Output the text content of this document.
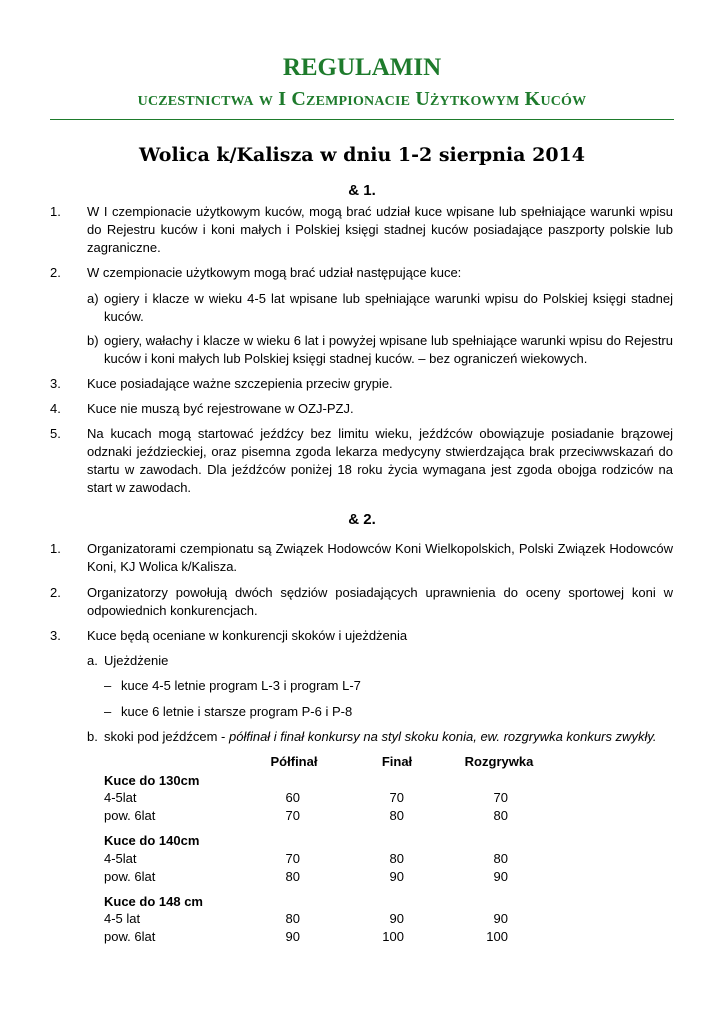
REGULAMIN
uczestnictwa w I Czempionacie Użytkowym Kuców
Wolica k/Kalisza w dniu 1-2 sierpnia 2014
& 1.
1. W I czempionacie użytkowym kuców, mogą brać udział kuce wpisane lub spełniające warunki wpisu do Rejestru kuców i koni małych i Polskiej księgi stadnej kuców posiadające paszporty polskie lub zagraniczne.
2. W czempionacie użytkowym mogą brać udział następujące kuce:
a) ogiery i klacze w wieku 4-5 lat wpisane lub spełniające warunki wpisu do Polskiej księgi stadnej kuców.
b) ogiery, wałachy i klacze w wieku 6 lat i powyżej wpisane lub spełniające warunki wpisu do Rejestru kuców i koni małych lub Polskiej księgi stadnej kuców. – bez ograniczeń wiekowych.
3. Kuce posiadające ważne szczepienia przeciw grypie.
4. Kuce nie muszą być rejestrowane w OZJ-PZJ.
5. Na kucach mogą startować jeźdźcy bez limitu wieku, jeźdźców obowiązuje posiadanie brązowej odznaki jeździeckiej, oraz pisemna zgoda lekarza medycyny stwierdzająca brak przeciwwskazań do startu w zawodach. Dla jeźdźców poniżej 18 roku życia wymagana jest zgoda obojga rodziców na start w zawodach.
& 2.
1. Organizatorami czempionatu są Związek Hodowców Koni Wielkopolskich, Polski Związek Hodowców Koni, KJ Wolica k/Kalisza.
2. Organizatorzy powołują dwóch sędziów posiadających uprawnienia do oceny sportowej koni w odpowiednich konkurencjach.
3. Kuce będą oceniane w konkurencji skoków i ujeżdżenia
a. Ujeżdżenie
– kuce 4-5 letnie program L-3 i program L-7
– kuce 6 letnie i starsze program P-6 i P-8
b. skoki pod jeźdźcem - półfinał i finał konkursy na styl skoku konia, ew. rozgrywka konkurs zwykły.
Półfinał	Finał	Rozgrywka
Kuce do 130cm
4-5lat	60	70	70
pow. 6lat	70	80	80
Kuce do 140cm
4-5lat	70	80	80
pow. 6lat	80	90	90
Kuce do 148 cm
4-5 lat	80	90	90
pow. 6lat	90	100	100
